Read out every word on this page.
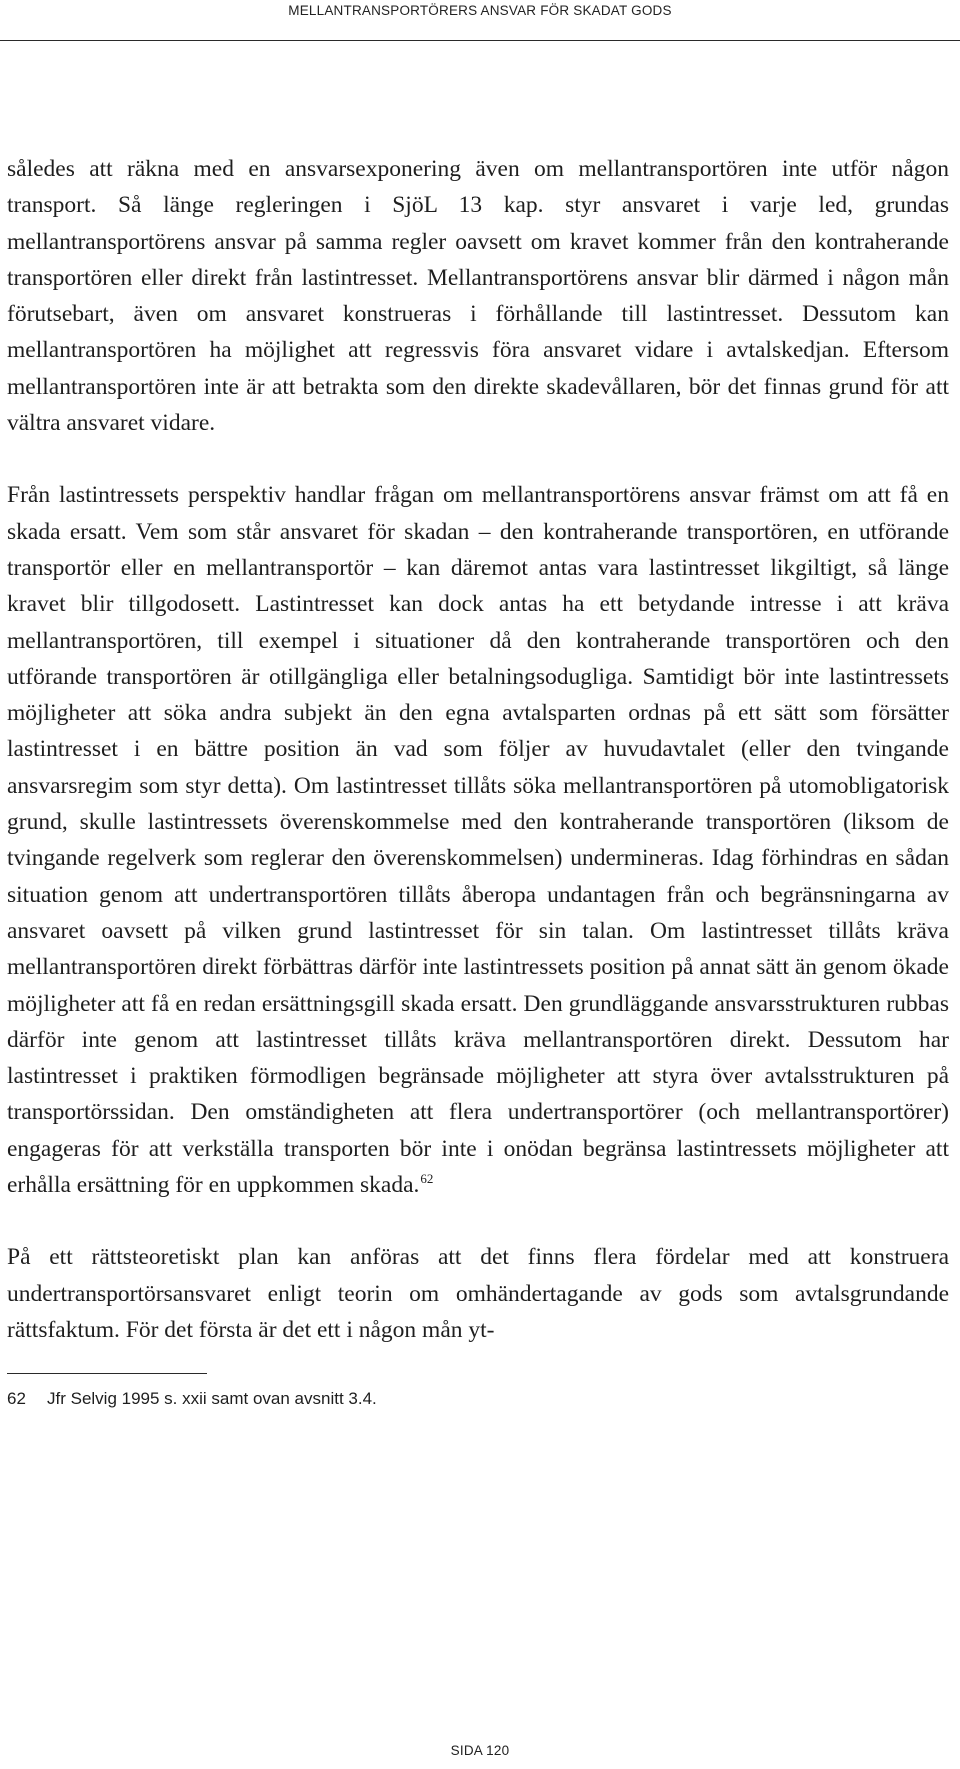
MELLANTRANSPORTÖRERS ANSVAR FÖR SKADAT GODS

således att räkna med en ansvarsexponering även om mellantransportören inte utför någon transport. Så länge regleringen i SjöL 13 kap. styr ansvaret i varje led, grundas mellantransportörens ansvar på samma regler oavsett om kravet kommer från den kontraherande transportören eller direkt från lastintresset. Mellantransportörens ansvar blir därmed i någon mån förutsebart, även om ansvaret konstrueras i förhållande till lastintresset. Dessutom kan mellantransportören ha möjlighet att regressvis föra ansvaret vidare i avtalskedjan. Eftersom mellantransportören inte är att betrakta som den direkte skadevållaren, bör det finnas grund för att vältra ansvaret vidare.

Från lastintressets perspektiv handlar frågan om mellantransportörens ansvar främst om att få en skada ersatt. Vem som står ansvaret för skadan – den kontraherande transportören, en utförande transportör eller en mellantransportör – kan däremot antas vara lastintresset likgiltigt, så länge kravet blir tillgodosett. Lastintresset kan dock antas ha ett betydande intresse i att kräva mellantransportören, till exempel i situationer då den kontraherande transportören och den utförande transportören är otillgängliga eller betalningsodugliga. Samtidigt bör inte lastintressets möjligheter att söka andra subjekt än den egna avtalsparten ordnas på ett sätt som försätter lastintresset i en bättre position än vad som följer av huvudavtalet (eller den tvingande ansvarsregim som styr detta). Om lastintresset tillåts söka mellantransportören på utomobligatorisk grund, skulle lastintressets överenskommelse med den kontraherande transportören (liksom de tvingande regelverk som reglerar den överenskommelsen) undermineras. Idag förhindras en sådan situation genom att undertransportören tillåts åberopa undantagen från och begränsningarna av ansvaret oavsett på vilken grund lastintresset för sin talan. Om lastintresset tillåts kräva mellantransportören direkt förbättras därför inte lastintressets position på annat sätt än genom ökade möjligheter att få en redan ersättningsgill skada ersatt. Den grundläggande ansvarsstrukturen rubbas därför inte genom att lastintresset tillåts kräva mellantransportören direkt. Dessutom har lastintresset i praktiken förmodligen begränsade möjligheter att styra över avtalsstrukturen på transportörssidan. Den omständigheten att flera undertransportörer (och mellantransportörer) engageras för att verkställa transporten bör inte i onödan begränsa lastintressets möjligheter att erhålla ersättning för en uppkommen skada.$^{62}$

På ett rättsteoretiskt plan kan anföras att det finns flera fördelar med att konstruera undertransportörsansvaret enligt teorin om omhändertagande av gods som avtalsgrundande rättsfaktum. För det första är det ett i någon mån yt-

62 Jfr Selvig 1995 s. xxii samt ovan avsnitt 3.4.
SIDA 120
